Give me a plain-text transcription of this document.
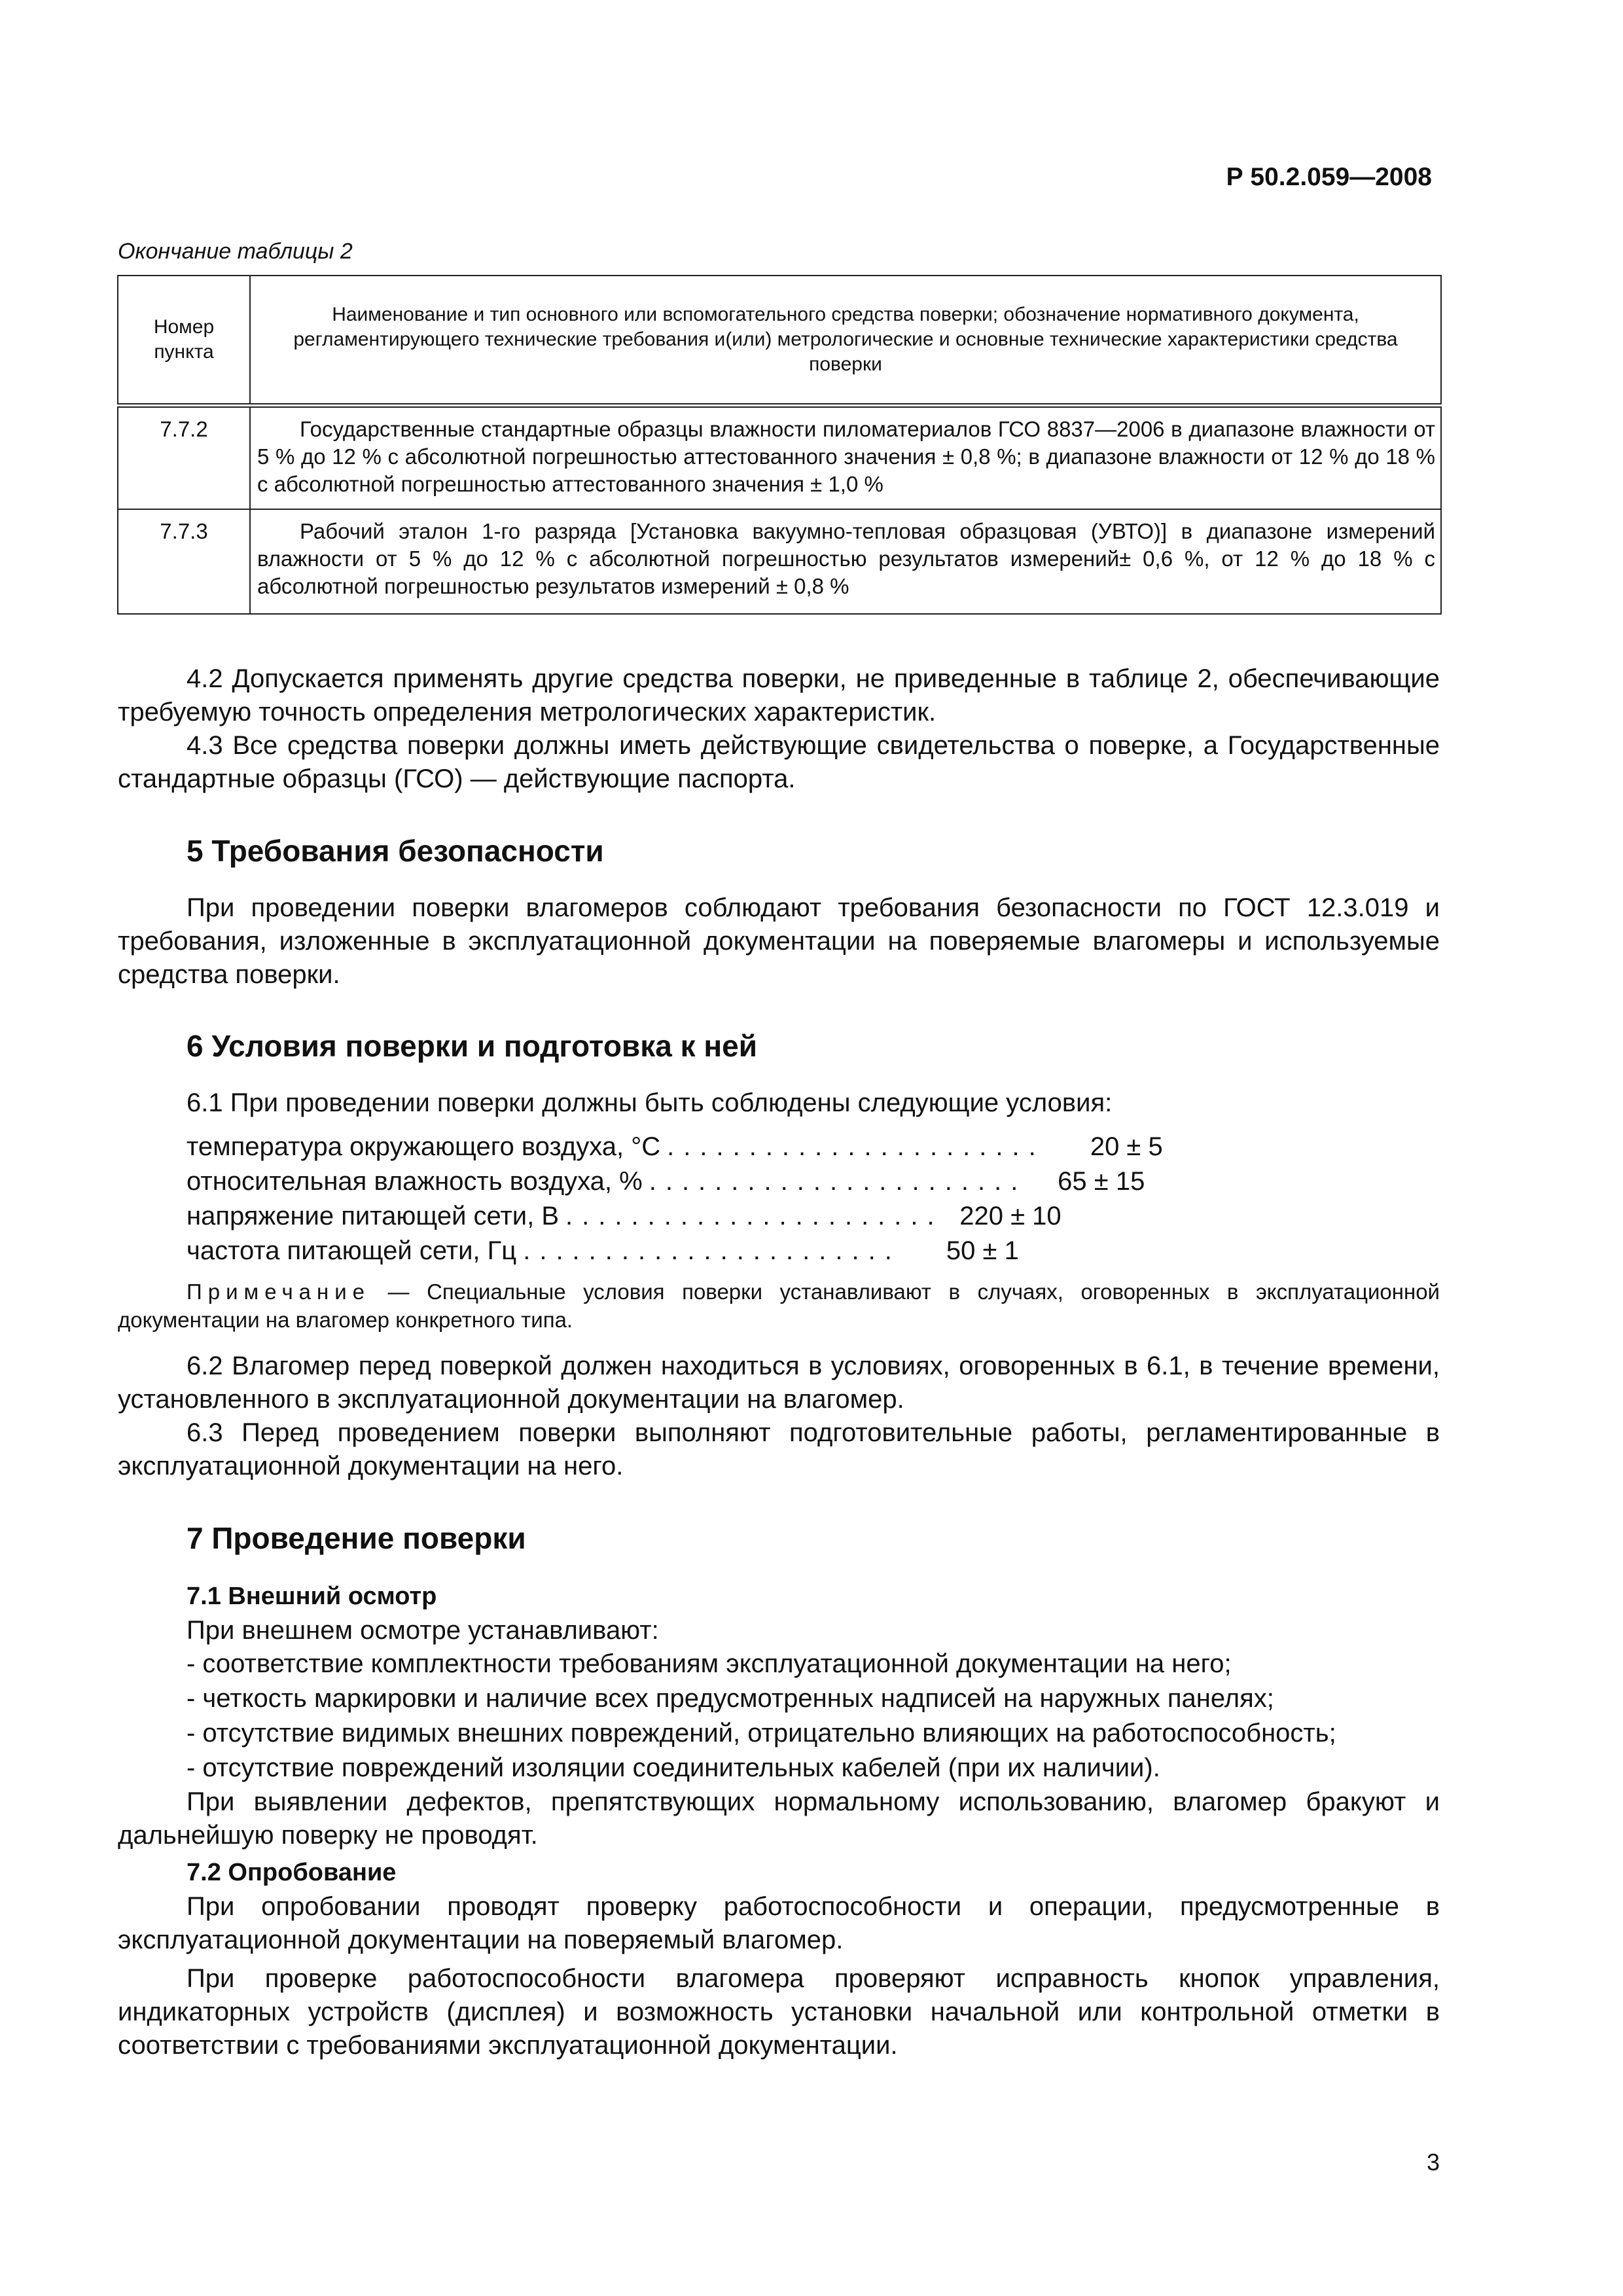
Р 50.2.059—2008
Окончание таблицы 2
Номер пункта	Наименование и тип основного или вспомогательного средства поверки; обозначение нормативного документа, регламентирующего технические требования и(или) метрологические и основные технические характеристики средства поверки

7.7.2	Государственные стандартные образцы влажности пиломатериалов ГСО 8837—2006 в диапазоне влажности от 5 % до 12 % с абсолютной погрешностью аттестованного значения ± 0,8 %; в диапазоне влажности от 12 % до 18 % с абсолютной погрешностью аттестованного значения ± 1,0 %

7.7.3	Рабочий эталон 1-го разряда [Установка вакуумно-тепловая образцовая (УВТО)] в диапазоне измерений влажности от 5 % до 12 % с абсолютной погрешностью результатов измерений± 0,6 %, от 12 % до 18 % с абсолютной погрешностью результатов измерений ± 0,8 %

4.2 Допускается применять другие средства поверки, не приведенные в таблице 2, обеспечивающие требуемую точность определения метрологических характеристик.

4.3 Все средства поверки должны иметь действующие свидетельства о поверке, а Государственные стандартные образцы (ГСО) — действующие паспорта.

5 Требования безопасности

При проведении поверки влагомеров соблюдают требования безопасности по ГОСТ 12.3.019 и требования, изложенные в эксплуатационной документации на поверяемые влагомеры и используемые средства поверки.

6 Условия поверки и подготовка к ней

6.1 При проведении поверки должны быть соблюдены следующие условия:

температура окружающего воздуха, °С .......................	20 ± 5
относительная влажность воздуха, % .......................	65 ± 15
напряжение питающей сети, В ....................... 220 ± 10
частота питающей сети, Гц .......................	50 ± 1
Примечание — Специальные условия поверки устанавливают в случаях, оговоренных в эксплуатационной документации на влагомер конкретного типа.

6.2 Влагомер перед поверкой должен находиться в условиях, оговоренных в 6.1, в течение времени, установленного в эксплуатационной документации на влагомер.

6.3 Перед проведением поверки выполняют подготовительные работы, регламентированные в эксплуатационной документации на него.

7 Проведение поверки
7.1 Внешний осмотр

При внешнем осмотре устанавливают:

- соответствие комплектности требованиям эксплуатационной документации на него;
- четкость маркировки и наличие всех предусмотренных надписей на наружных панелях;
- отсутствие видимых внешних повреждений, отрицательно влияющих на работоспособность;
- отсутствие повреждений изоляции соединительных кабелей (при их наличии).

При выявлении дефектов, препятствующих нормальному использованию, влагомер бракуют и дальнейшую поверку не проводят.

7.2 Опробование

При опробовании проводят проверку работоспособности и операции, предусмотренные в эксплуатационной документации на поверяемый влагомер.

При проверке работоспособности влагомера проверяют исправность кнопок управления, индикаторных устройств (дисплея) и возможность установки начальной или контрольной отметки в соответствии с требованиями эксплуатационной документации.

3
